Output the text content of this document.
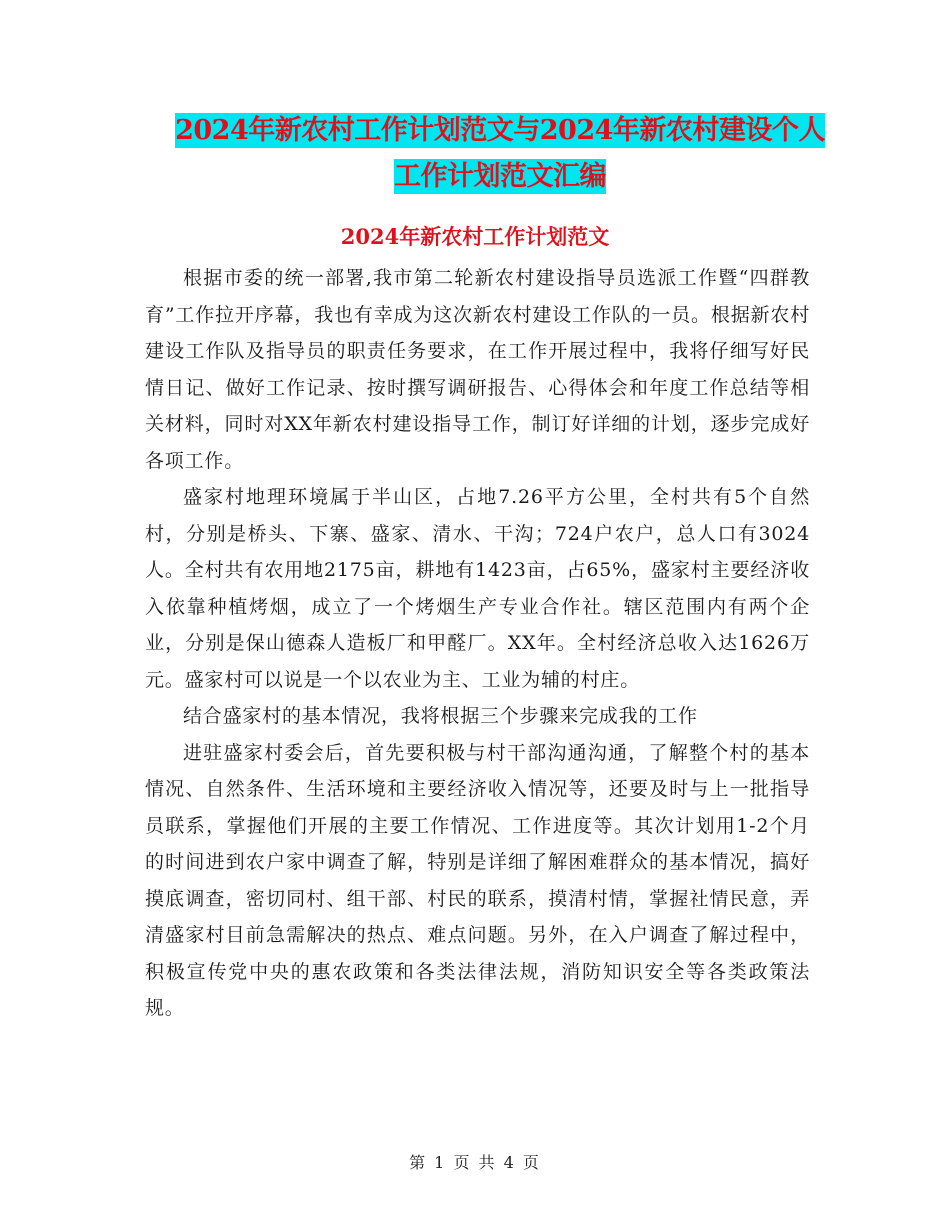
2024年新农村工作计划范文与2024年新农村建设个人
工作计划范文汇编
2024年新农村工作计划范文

根据市委的统一部署,我市第二轮新农村建设指导员选派工作暨“四群教育”工作拉开序幕，我也有幸成为这次新农村建设工作队的一员。根据新农村建设工作队及指导员的职责任务要求，在工作开展过程中，我将仔细写好民情日记、做好工作记录、按时撰写调研报告、心得体会和年度工作总结等相关材料，同时对XX年新农村建设指导工作，制订好详细的计划，逐步完成好各项工作。

盛家村地理环境属于半山区，占地7.26平方公里，全村共有5个自然村，分别是桥头、下寨、盛家、清水、干沟；724户农户，总人口有3024人。全村共有农用地2175亩，耕地有1423亩，占65%，盛家村主要经济收入依靠种植烤烟，成立了一个烤烟生产专业合作社。辖区范围内有两个企业，分别是保山德森人造板厂和甲醛厂。XX年。全村经济总收入达1626万元。盛家村可以说是一个以农业为主、工业为辅的村庄。

结合盛家村的基本情况，我将根据三个步骤来完成我的工作

进驻盛家村委会后，首先要积极与村干部沟通沟通，了解整个村的基本情况、自然条件、生活环境和主要经济收入情况等，还要及时与上一批指导员联系，掌握他们开展的主要工作情况、工作进度等。其次计划用1-2个月的时间进到农户家中调查了解，特别是详细了解困难群众的基本情况，搞好摸底调查，密切同村、组干部、村民的联系，摸清村情，掌握社情民意，弄清盛家村目前急需解决的热点、难点问题。另外，在入户调查了解过程中，积极宣传党中央的惠农政策和各类法律法规，消防知识安全等各类政策法规。

第 1 页 共 4 页
